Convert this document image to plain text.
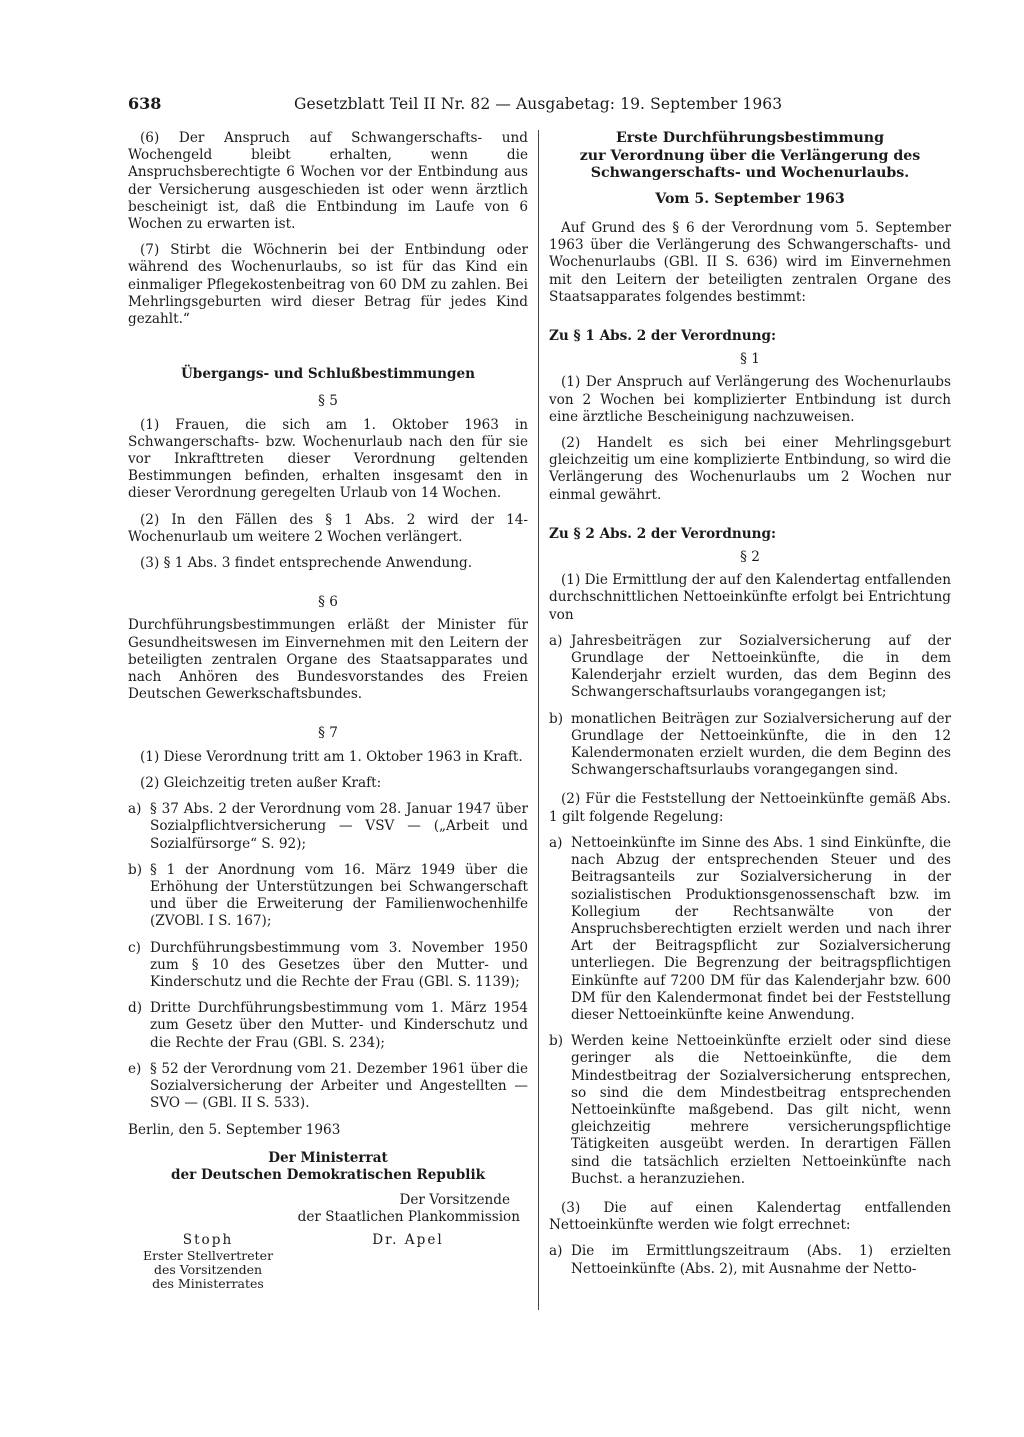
638	Gesetzblatt Teil II Nr. 82 — Ausgabetag: 19. September 1963

(6) Der Anspruch auf Schwangerschafts- und Wochengeld bleibt erhalten, wenn die Anspruchsberechtigte 6 Wochen vor der Entbindung aus der Versicherung ausgeschieden ist oder wenn ärztlich bescheinigt ist, daß die Entbindung im Laufe von 6 Wochen zu erwarten ist.

(7) Stirbt die Wöchnerin bei der Entbindung oder während des Wochenurlaubs, so ist für das Kind ein einmaliger Pflegekostenbeitrag von 60 DM zu zahlen. Bei Mehrlingsgeburten wird dieser Betrag für jedes Kind gezahlt.“

Übergangs- und Schlußbestimmungen

§ 5

(1) Frauen, die sich am 1. Oktober 1963 in Schwangerschafts- bzw. Wochenurlaub nach den für sie vor Inkrafttreten dieser Verordnung geltenden Bestimmungen befinden, erhalten insgesamt den in dieser Verordnung geregelten Urlaub von 14 Wochen.

(2) In den Fällen des § 1 Abs. 2 wird der 14-Wochenurlaub um weitere 2 Wochen verlängert.

(3) § 1 Abs. 3 findet entsprechende Anwendung.

§ 6

Durchführungsbestimmungen erläßt der Minister für Gesundheitswesen im Einvernehmen mit den Leitern der beteiligten zentralen Organe des Staatsapparates und nach Anhören des Bundesvorstandes des Freien Deutschen Gewerkschaftsbundes.

§ 7

(1) Diese Verordnung tritt am 1. Oktober 1963 in Kraft.

(2) Gleichzeitig treten außer Kraft:

a) § 37 Abs. 2 der Verordnung vom 28. Januar 1947 über Sozialpflichtversicherung — VSV — („Arbeit und Sozialfürsorge“ S. 92);
b) § 1 der Anordnung vom 16. März 1949 über die Erhöhung der Unterstützungen bei Schwangerschaft und über die Erweiterung der Familienwochenhilfe (ZVOBl. I S. 167);
c) Durchführungsbestimmung vom 3. November 1950 zum § 10 des Gesetzes über den Mutter- und Kinderschutz und die Rechte der Frau (GBl. S. 1139);
d) Dritte Durchführungsbestimmung vom 1. März 1954 zum Gesetz über den Mutter- und Kinderschutz und die Rechte der Frau (GBl. S. 234);
e) § 52 der Verordnung vom 21. Dezember 1961 über die Sozialversicherung der Arbeiter und Angestellten — SVO — (GBl. II S. 533).

Berlin, den 5. September 1963

Der Ministerrat

der Deutschen Demokratischen Republik

Der Vorsitzende

der Staatlichen Plankommission

Stoph
Erster Stellvertreter
des Vorsitzenden
des Ministerrates
Dr. Apel

Erste Durchführungsbestimmung

zur Verordnung über die Verlängerung des

Schwangerschafts- und Wochenurlaubs.

Vom 5. September 1963

Auf Grund des § 6 der Verordnung vom 5. September 1963 über die Verlängerung des Schwangerschafts- und Wochenurlaubs (GBl. II S. 636) wird im Einvernehmen mit den Leitern der beteiligten zentralen Organe des Staatsapparates folgendes bestimmt:

Zu § 1 Abs. 2 der Verordnung:

§ 1

(1) Der Anspruch auf Verlängerung des Wochenurlaubs von 2 Wochen bei komplizierter Entbindung ist durch eine ärztliche Bescheinigung nachzuweisen.

(2) Handelt es sich bei einer Mehrlingsgeburt gleichzeitig um eine komplizierte Entbindung, so wird die Verlängerung des Wochenurlaubs um 2 Wochen nur einmal gewährt.

Zu § 2 Abs. 2 der Verordnung:

§ 2

(1) Die Ermittlung der auf den Kalendertag entfallenden durchschnittlichen Nettoeinkünfte erfolgt bei Entrichtung von

a) Jahresbeiträgen zur Sozialversicherung auf der Grundlage der Nettoeinkünfte, die in dem Kalenderjahr erzielt wurden, das dem Beginn des Schwangerschaftsurlaubs vorangegangen ist;
b) monatlichen Beiträgen zur Sozialversicherung auf der Grundlage der Nettoeinkünfte, die in den 12 Kalendermonaten erzielt wurden, die dem Beginn des Schwangerschaftsurlaubs vorangegangen sind.

(2) Für die Feststellung der Nettoeinkünfte gemäß Abs. 1 gilt folgende Regelung:

a) Nettoeinkünfte im Sinne des Abs. 1 sind Einkünfte, die nach Abzug der entsprechenden Steuer und des Beitragsanteils zur Sozialversicherung in der sozialistischen Produktionsgenossenschaft bzw. im Kollegium der Rechtsanwälte von der Anspruchsberechtigten erzielt werden und nach ihrer Art der Beitragspflicht zur Sozialversicherung unterliegen. Die Begrenzung der beitragspflichtigen Einkünfte auf 7200 DM für das Kalenderjahr bzw. 600 DM für den Kalendermonat findet bei der Feststellung dieser Nettoeinkünfte keine Anwendung.
b) Werden keine Nettoeinkünfte erzielt oder sind diese geringer als die Nettoeinkünfte, die dem Mindestbeitrag der Sozialversicherung entsprechen, so sind die dem Mindestbeitrag entsprechenden Nettoeinkünfte maßgebend. Das gilt nicht, wenn gleichzeitig mehrere versicherungspflichtige Tätigkeiten ausgeübt werden. In derartigen Fällen sind die tatsächlich erzielten Nettoeinkünfte nach Buchst. a heranzuziehen.

(3) Die auf einen Kalendertag entfallenden Nettoeinkünfte werden wie folgt errechnet:

a) Die im Ermittlungszeitraum (Abs. 1) erzielten Nettoeinkünfte (Abs. 2), mit Ausnahme der Netto-
